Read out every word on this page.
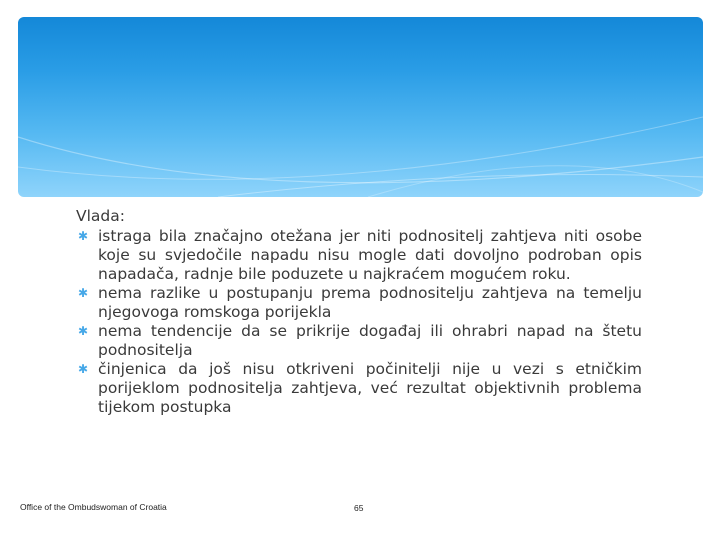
Vlada:

✱ istraga bila značajno otežana jer niti podnositelj zahtjeva niti osobe koje su svjedočile napadu nisu mogle dati dovoljno podroban opis napadača, radnje bile poduzete u najkraćem mogućem roku.
✱ nema razlike u postupanju prema podnositelju zahtjeva na temelju njegovoga romskoga porijekla
✱ nema tendencije da se prikrije događaj ili ohrabri napad na štetu podnositelja
✱ činjenica da još nisu otkriveni počinitelji nije u vezi s etničkim porijeklom podnositelja zahtjeva, već rezultat objektivnih problema tijekom postupka
Office of the Ombudswoman of Croatia	65
